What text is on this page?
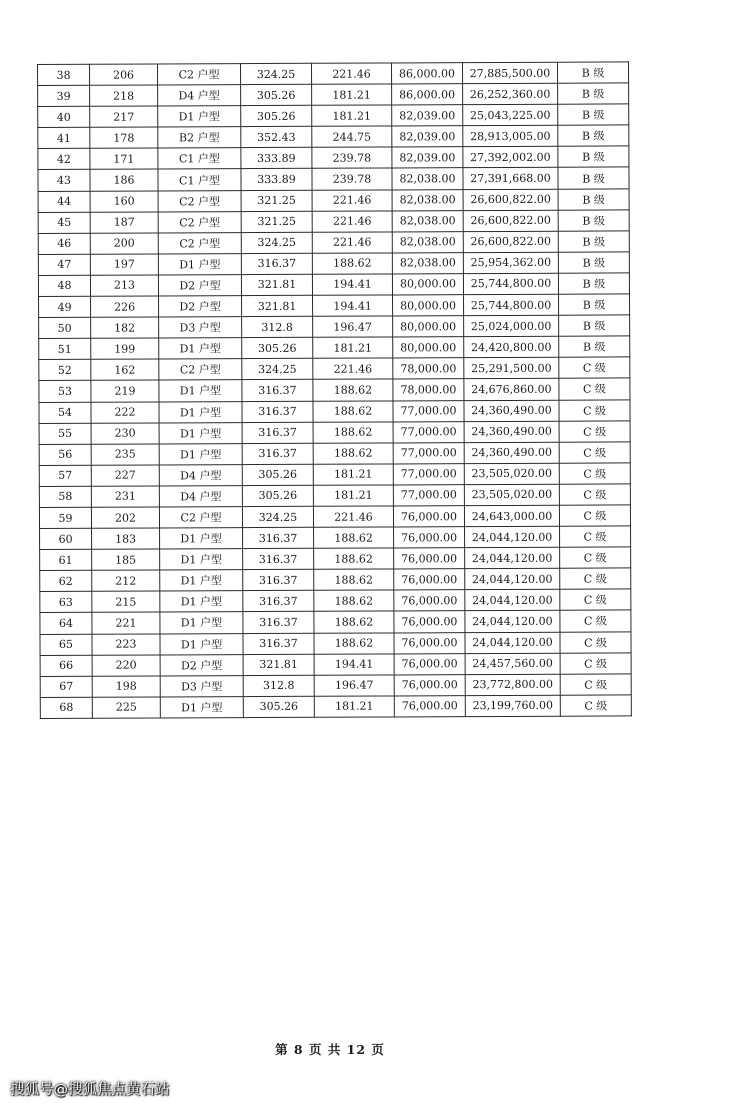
38	206	C2 户型	324.25	221.46	86,000.00	27,885,500.00	B 级
39	218	D4 户型	305.26	181.21	86,000.00	26,252,360.00	B 级
40	217	D1 户型	305.26	181.21	82,039.00	25,043,225.00	B 级
41	178	B2 户型	352.43	244.75	82,039.00	28,913,005.00	B 级
42	171	C1 户型	333.89	239.78	82,039.00	27,392,002.00	B 级
43	186	C1 户型	333.89	239.78	82,038.00	27,391,668.00	B 级
44	160	C2 户型	321.25	221.46	82,038.00	26,600,822.00	B 级
45	187	C2 户型	321.25	221.46	82,038.00	26,600,822.00	B 级
46	200	C2 户型	324.25	221.46	82,038.00	26,600,822.00	B 级
47	197	D1 户型	316.37	188.62	82,038.00	25,954,362.00	B 级
48	213	D2 户型	321.81	194.41	80,000.00	25,744,800.00	B 级
49	226	D2 户型	321.81	194.41	80,000.00	25,744,800.00	B 级
50	182	D3 户型	312.8	196.47	80,000.00	25,024,000.00	B 级
51	199	D1 户型	305.26	181.21	80,000.00	24,420,800.00	B 级
52	162	C2 户型	324.25	221.46	78,000.00	25,291,500.00	C 级
53	219	D1 户型	316.37	188.62	78,000.00	24,676,860.00	C 级
54	222	D1 户型	316.37	188.62	77,000.00	24,360,490.00	C 级
55	230	D1 户型	316.37	188.62	77,000.00	24,360,490.00	C 级
56	235	D1 户型	316.37	188.62	77,000.00	24,360,490.00	C 级
57	227	D4 户型	305.26	181.21	77,000.00	23,505,020.00	C 级
58	231	D4 户型	305.26	181.21	77,000.00	23,505,020.00	C 级
59	202	C2 户型	324.25	221.46	76,000.00	24,643,000.00	C 级
60	183	D1 户型	316.37	188.62	76,000.00	24,044,120.00	C 级
61	185	D1 户型	316.37	188.62	76,000.00	24,044,120.00	C 级
62	212	D1 户型	316.37	188.62	76,000.00	24,044,120.00	C 级
63	215	D1 户型	316.37	188.62	76,000.00	24,044,120.00	C 级
64	221	D1 户型	316.37	188.62	76,000.00	24,044,120.00	C 级
65	223	D1 户型	316.37	188.62	76,000.00	24,044,120.00	C 级
66	220	D2 户型	321.81	194.41	76,000.00	24,457,560.00	C 级
67	198	D3 户型	312.8	196.47	76,000.00	23,772,800.00	C 级
68	225	D1 户型	305.26	181.21	76,000.00	23,199,760.00	C 级
第 8 页 共 12 页
搜狐号@搜狐焦点黄石站
